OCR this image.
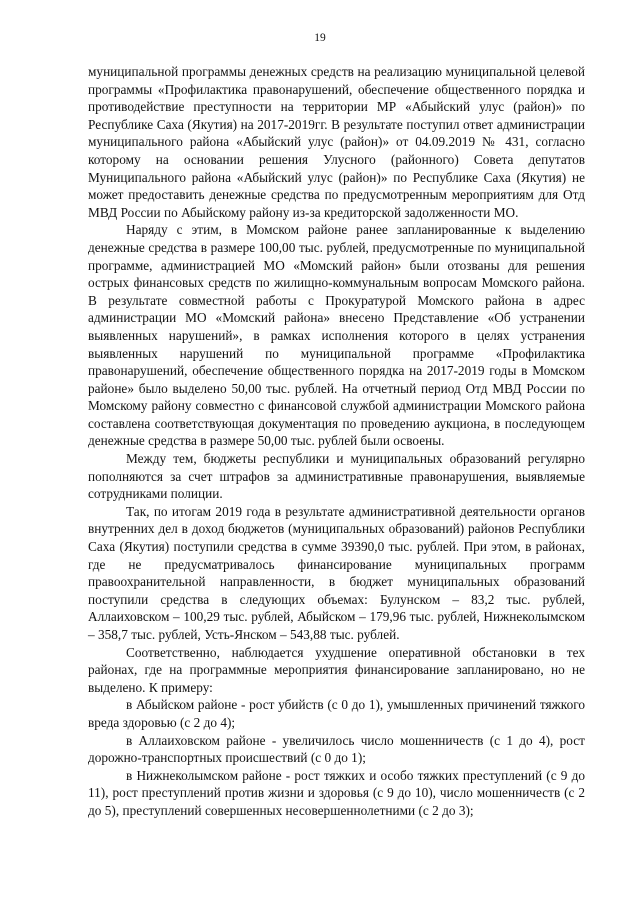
19

муниципальной программы денежных средств на реализацию муниципальной целевой программы «Профилактика правонарушений, обеспечение общественного порядка и противодействие преступности на территории МР «Абыйский улус (район)» по Республике Саха (Якутия) на 2017-2019гг. В результате поступил ответ администрации муниципального района «Абыйский улус (район)» от 04.09.2019 № 431, согласно которому на основании решения Улусного (районного) Совета депутатов Муниципального района «Абыйский улус (район)» по Республике Саха (Якутия) не может предоставить денежные средства по предусмотренным мероприятиям для Отд МВД России по Абыйскому району из-за кредиторской задолженности МО.

Наряду с этим, в Момском районе ранее запланированные к выделению денежные средства в размере 100,00 тыс. рублей, предусмотренные по муниципальной программе, администрацией МО «Момский район» были отозваны для решения острых финансовых средств по жилищно-коммунальным вопросам Момского района. В результате совместной работы с Прокуратурой Момского района в адрес администрации МО «Момский района» внесено Представление «Об устранении выявленных нарушений», в рамках исполнения которого в целях устранения выявленных нарушений по муниципальной программе «Профилактика правонарушений, обеспечение общественного порядка на 2017-2019 годы в Момском районе» было выделено 50,00 тыс. рублей. На отчетный период Отд МВД России по Момскому району совместно с финансовой службой администрации Момского района составлена соответствующая документация по проведению аукциона, в последующем денежные средства в размере 50,00 тыс. рублей были освоены.

Между тем, бюджеты республики и муниципальных образований регулярно пополняются за счет штрафов за административные правонарушения, выявляемые сотрудниками полиции.

Так, по итогам 2019 года в результате административной деятельности органов внутренних дел в доход бюджетов (муниципальных образований) районов Республики Саха (Якутия) поступили средства в сумме 39390,0 тыс. рублей. При этом, в районах, где не предусматривалось финансирование муниципальных программ правоохранительной направленности, в бюджет муниципальных образований поступили средства в следующих объемах: Булунском – 83,2 тыс. рублей, Аллаиховском – 100,29 тыс. рублей, Абыйском – 179,96 тыс. рублей, Нижнеколымском – 358,7 тыс. рублей, Усть-Янском – 543,88 тыс. рублей.

Соответственно, наблюдается ухудшение оперативной обстановки в тех районах, где на программные мероприятия финансирование запланировано, но не выделено. К примеру:

в Абыйском районе - рост убийств (с 0 до 1), умышленных причинений тяжкого вреда здоровью (с 2 до 4);

в Аллаиховском районе - увеличилось число мошенничеств (с 1 до 4), рост дорожно-транспортных происшествий (с 0 до 1);

в Нижнеколымском районе - рост тяжких и особо тяжких преступлений (с 9 до 11), рост преступлений против жизни и здоровья (с 9 до 10), число мошенничеств (с 2 до 5), преступлений совершенных несовершеннолетними (с 2 до 3);
